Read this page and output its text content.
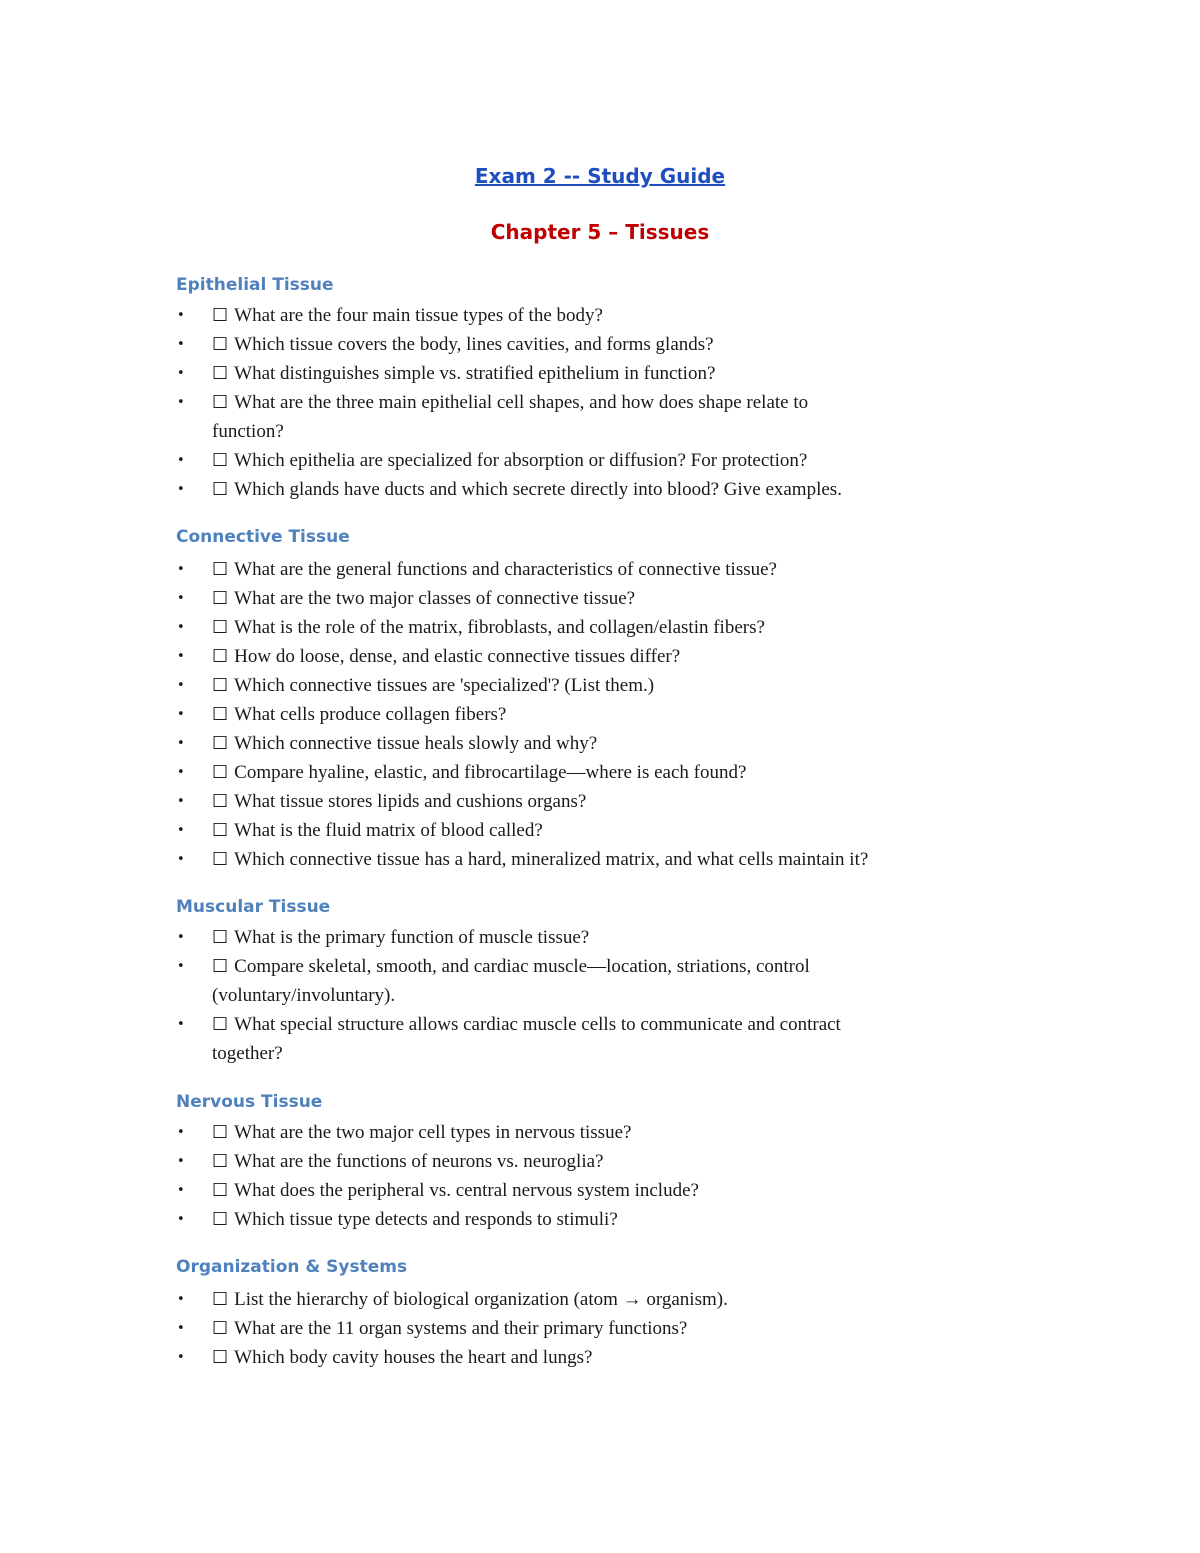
Exam 2 -- Study Guide
Chapter 5 – Tissues
Epithelial Tissue
• ☐ What are the four main tissue types of the body?
• ☐ Which tissue covers the body, lines cavities, and forms glands?
• ☐ What distinguishes simple vs. stratified epithelium in function?
• ☐ What are the three main epithelial cell shapes, and how does shape relate to
function?
• ☐ Which epithelia are specialized for absorption or diffusion? For protection?
• ☐ Which glands have ducts and which secrete directly into blood? Give examples.
Connective Tissue
• ☐ What are the general functions and characteristics of connective tissue?
• ☐ What are the two major classes of connective tissue?
• ☐ What is the role of the matrix, fibroblasts, and collagen/elastin fibers?
• ☐ How do loose, dense, and elastic connective tissues differ?
• ☐ Which connective tissues are 'specialized'? (List them.)
• ☐ What cells produce collagen fibers?
• ☐ Which connective tissue heals slowly and why?
• ☐ Compare hyaline, elastic, and fibrocartilage—where is each found?
• ☐ What tissue stores lipids and cushions organs?
• ☐ What is the fluid matrix of blood called?
• ☐ Which connective tissue has a hard, mineralized matrix, and what cells maintain it?
Muscular Tissue
• ☐ What is the primary function of muscle tissue?
• ☐ Compare skeletal, smooth, and cardiac muscle—location, striations, control
(voluntary/involuntary).
• ☐ What special structure allows cardiac muscle cells to communicate and contract
together?
Nervous Tissue
• ☐ What are the two major cell types in nervous tissue?
• ☐ What are the functions of neurons vs. neuroglia?
• ☐ What does the peripheral vs. central nervous system include?
• ☐ Which tissue type detects and responds to stimuli?
Organization & Systems
• ☐ List the hierarchy of biological organization (atom → organism).
• ☐ What are the 11 organ systems and their primary functions?
• ☐ Which body cavity houses the heart and lungs?
